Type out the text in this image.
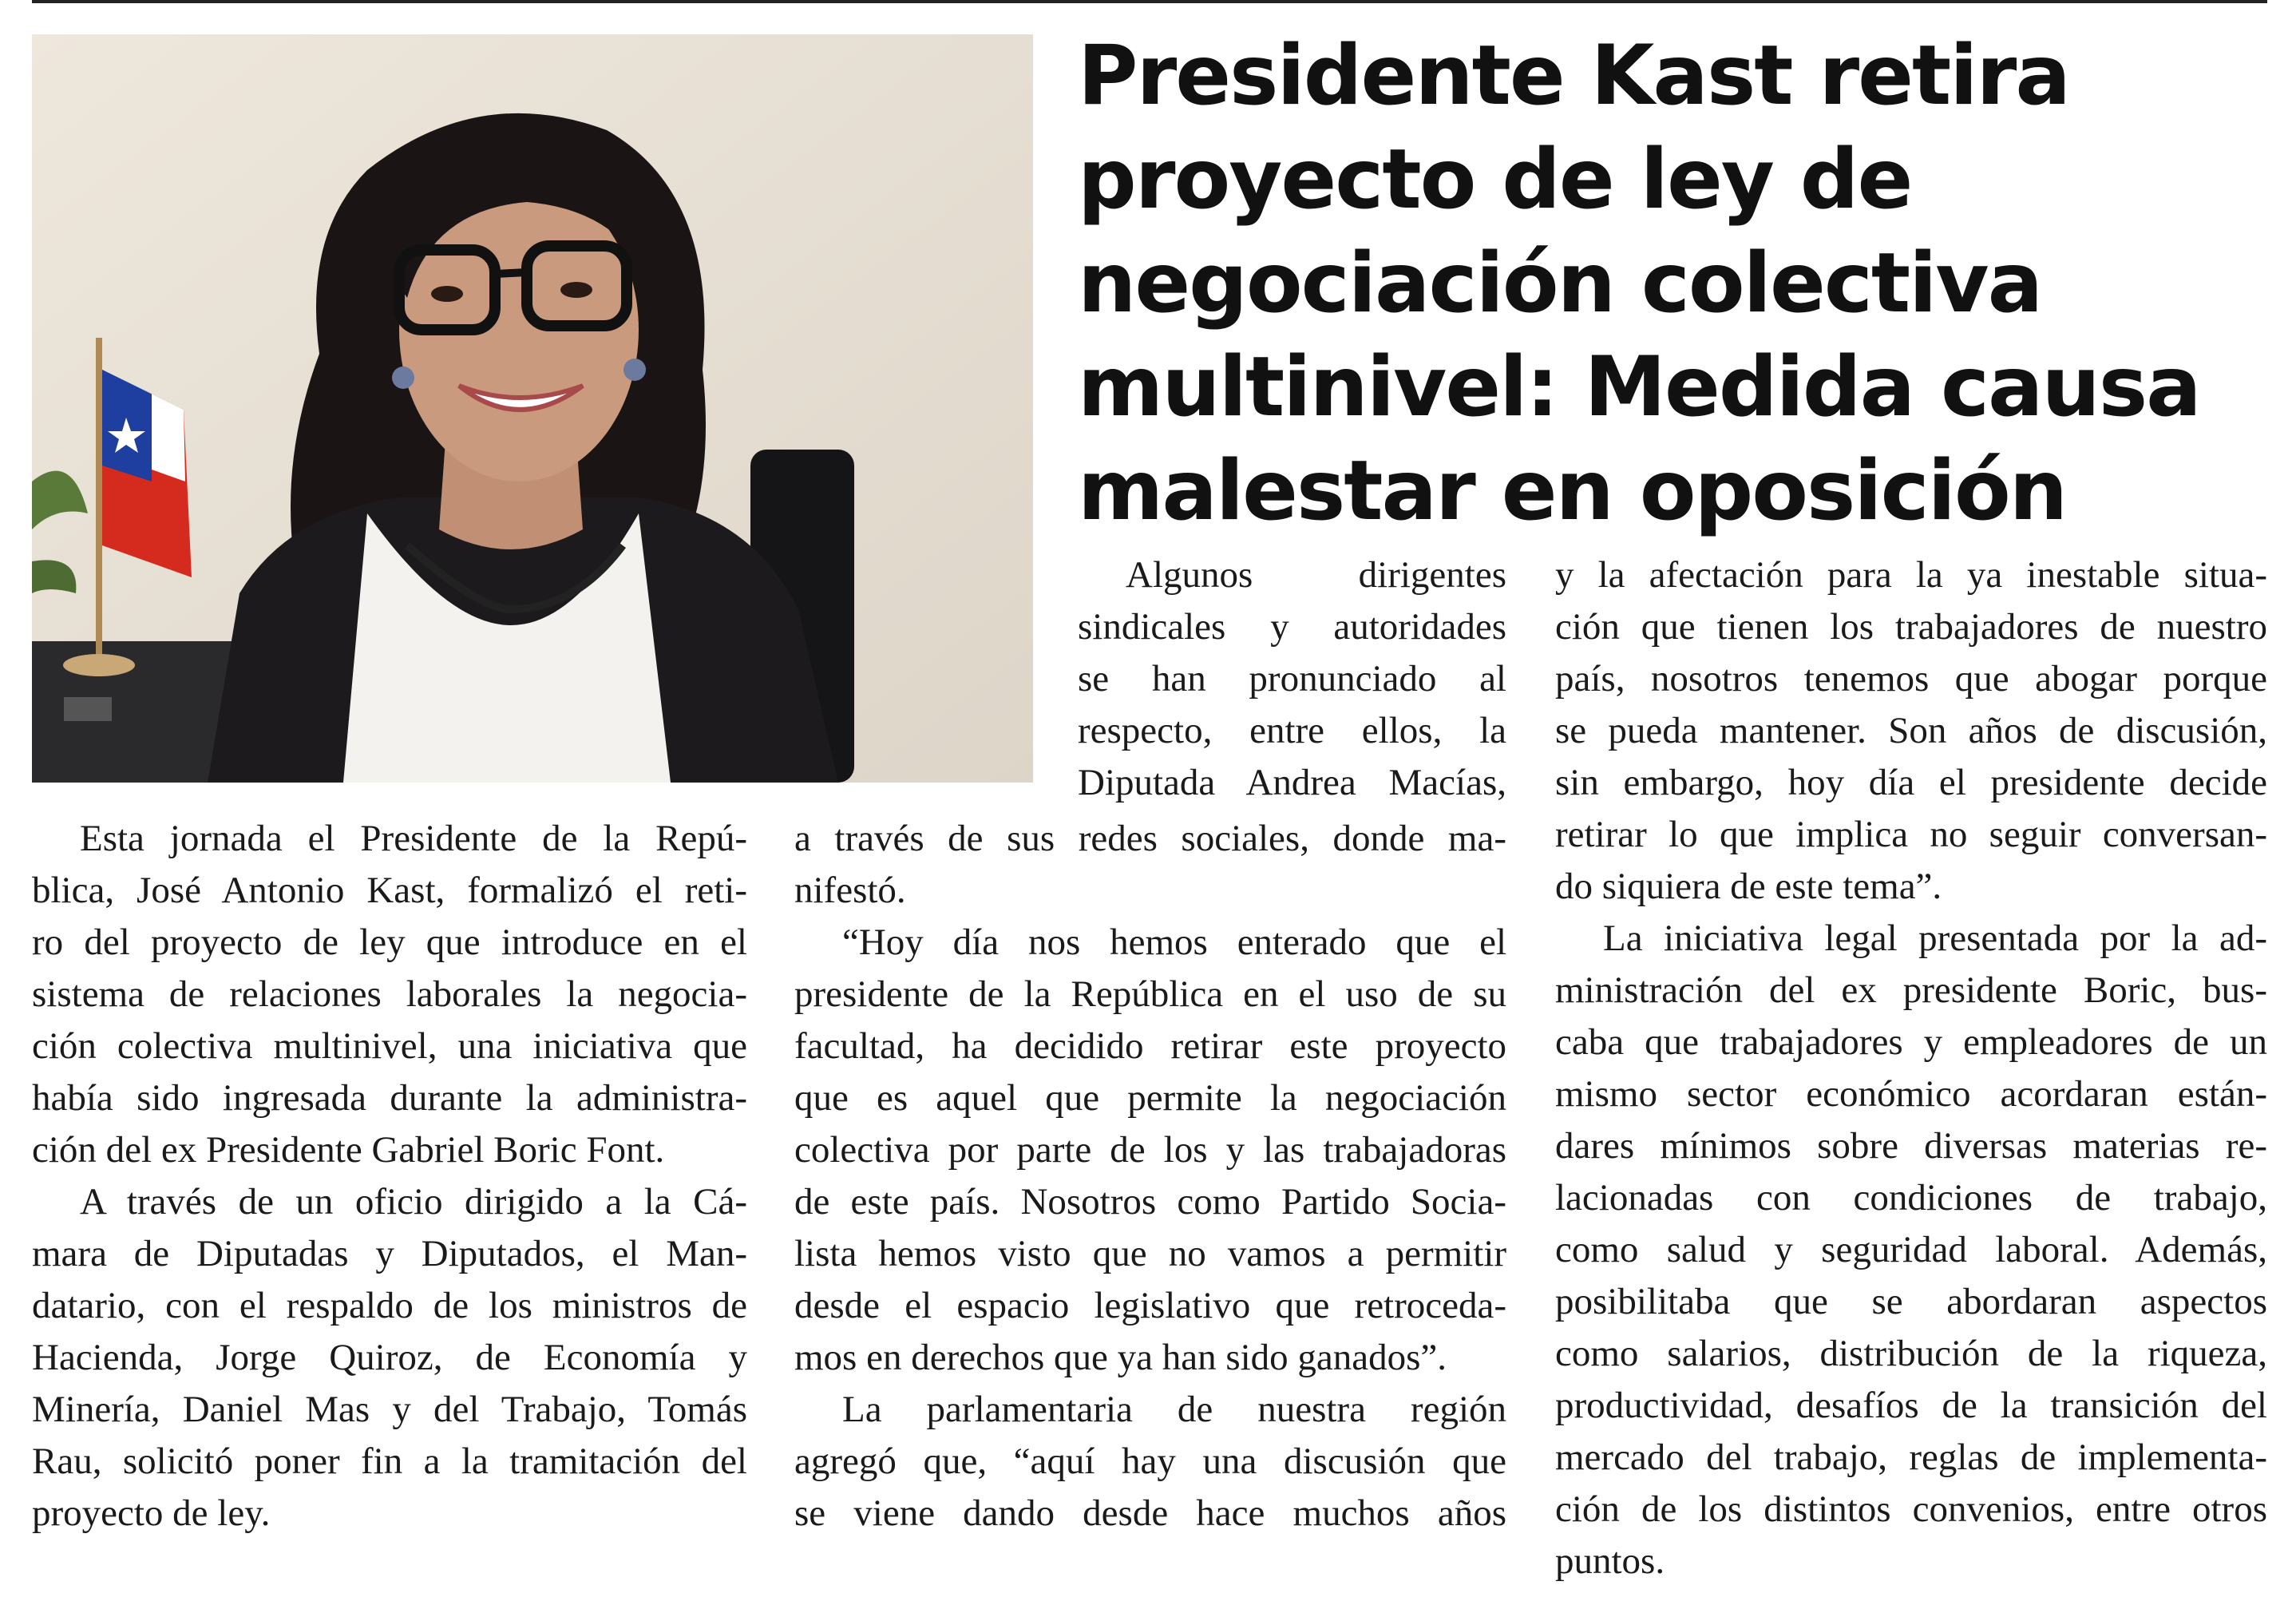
Presidente Kast retira
proyecto de ley de
negociación colectiva
multinivel: Medida causa
malestar en oposición

Esta jornada el Presidente de la Repú-
blica, José Antonio Kast, formalizó el reti-
ro del proyecto de ley que introduce en el
sistema de relaciones laborales la negocia-
ción colectiva multinivel, una iniciativa que
había sido ingresada durante la administra-
ción del ex Presidente Gabriel Boric Font.

A través de un oficio dirigido a la Cá-
mara de Diputadas y Diputados, el Man-
datario, con el respaldo de los ministros de
Hacienda, Jorge Quiroz, de Economía y
Minería, Daniel Mas y del Trabajo, Tomás
Rau, solicitó poner fin a la tramitación del
proyecto de ley.

Algunos dirigentes
sindicales y autoridades
se han pronunciado al
respecto, entre ellos, la
Diputada Andrea Macías,

a través de sus redes sociales, donde ma-
nifestó.

“Hoy día nos hemos enterado que el
presidente de la República en el uso de su
facultad, ha decidido retirar este proyecto
que es aquel que permite la negociación
colectiva por parte de los y las trabajadoras
de este país. Nosotros como Partido Socia-
lista hemos visto que no vamos a permitir
desde el espacio legislativo que retroceda-
mos en derechos que ya han sido ganados”.

La parlamentaria de nuestra región
agregó que, “aquí hay una discusión que
se viene dando desde hace muchos años

y la afectación para la ya inestable situa-
ción que tienen los trabajadores de nuestro
país, nosotros tenemos que abogar porque
se pueda mantener. Son años de discusión,
sin embargo, hoy día el presidente decide
retirar lo que implica no seguir conversan-
do siquiera de este tema”.

La iniciativa legal presentada por la ad-
ministración del ex presidente Boric, bus-
caba que trabajadores y empleadores de un
mismo sector económico acordaran están-
dares mínimos sobre diversas materias re-
lacionadas con condiciones de trabajo,
como salud y seguridad laboral. Además,
posibilitaba que se abordaran aspectos
como salarios, distribución de la riqueza,
productividad, desafíos de la transición del
mercado del trabajo, reglas de implementa-
ción de los distintos convenios, entre otros
puntos.
